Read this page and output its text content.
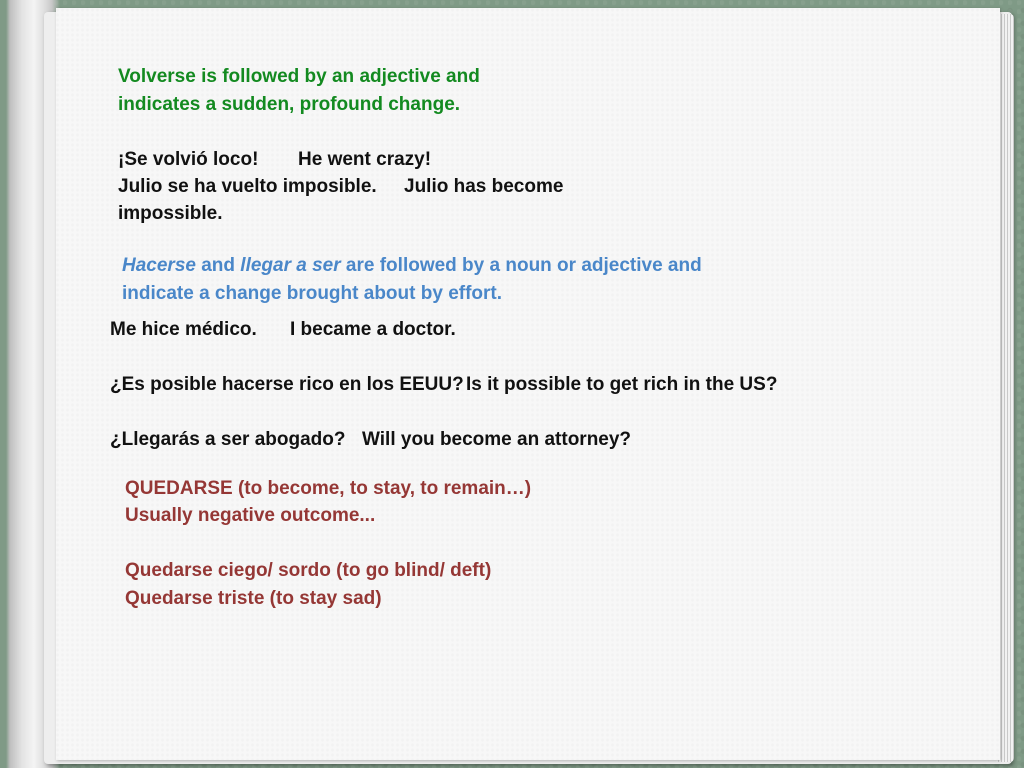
Volverse is followed by an adjective and

indicates a sudden, profound change.

¡Se volvió loco! He went crazy!

Julio se ha vuelto imposible. Julio has become

impossible.

Hacerse and llegar a ser are followed by a noun or adjective and

indicate a change brought about by effort.

Me hice médico. I became a doctor.

¿Es posible hacerse rico en los EEUU? Is it possible to get rich in the US?

¿Llegarás a ser abogado? Will you become an attorney?

QUEDARSE (to become, to stay, to remain…)

Usually negative outcome...

Quedarse ciego/ sordo (to go blind/ deft)

Quedarse triste (to stay sad)
